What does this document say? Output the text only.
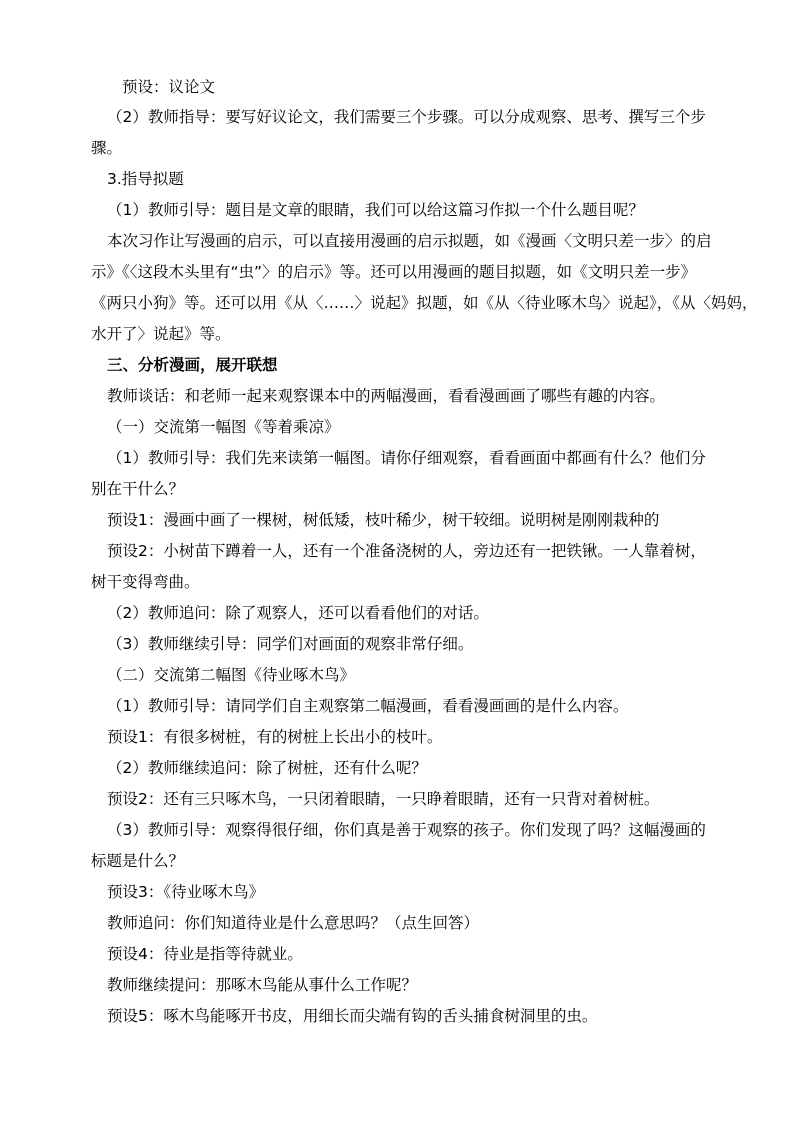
预设：议论文
（2）教师指导：要写好议论文，我们需要三个步骤。可以分成观察、思考、撰写三个步
骤。
3.指导拟题
（1）教师引导：题目是文章的眼睛，我们可以给这篇习作拟一个什么题目呢？
本次习作让写漫画的启示，可以直接用漫画的启示拟题，如《漫画〈文明只差一步〉的启
示》《〈这段木头里有“虫”〉的启示》等。还可以用漫画的题目拟题，如《文明只差一步》
《两只小狗》等。还可以用《从〈……〉说起》拟题，如《从〈待业啄木鸟〉说起》，《从〈妈妈，
水开了〉说起》等。
三、分析漫画，展开联想
教师谈话：和老师一起来观察课本中的两幅漫画，看看漫画画了哪些有趣的内容。
（一）交流第一幅图《等着乘凉》
（1）教师引导：我们先来读第一幅图。请你仔细观察，看看画面中都画有什么？他们分
别在干什么？
预设1：漫画中画了一棵树，树低矮，枝叶稀少，树干较细。说明树是刚刚栽种的
预设2：小树苗下蹲着一人，还有一个准备浇树的人，旁边还有一把铁锹。一人靠着树，
树干变得弯曲。
（2）教师追问：除了观察人，还可以看看他们的对话。
（3）教师继续引导：同学们对画面的观察非常仔细。
（二）交流第二幅图《待业啄木鸟》
（1）教师引导：请同学们自主观察第二幅漫画，看看漫画画的是什么内容。
预设1：有很多树桩，有的树桩上长出小的枝叶。
（2）教师继续追问：除了树桩，还有什么呢？
预设2：还有三只啄木鸟，一只闭着眼睛，一只睁着眼睛，还有一只背对着树桩。
（3）教师引导：观察得很仔细，你们真是善于观察的孩子。你们发现了吗？这幅漫画的
标题是什么？
预设3：《待业啄木鸟》
教师追问：你们知道待业是什么意思吗？（点生回答）
预设4：待业是指等待就业。
教师继续提问：那啄木鸟能从事什么工作呢？
预设5：啄木鸟能啄开书皮，用细长而尖端有钩的舌头捕食树洞里的虫。
